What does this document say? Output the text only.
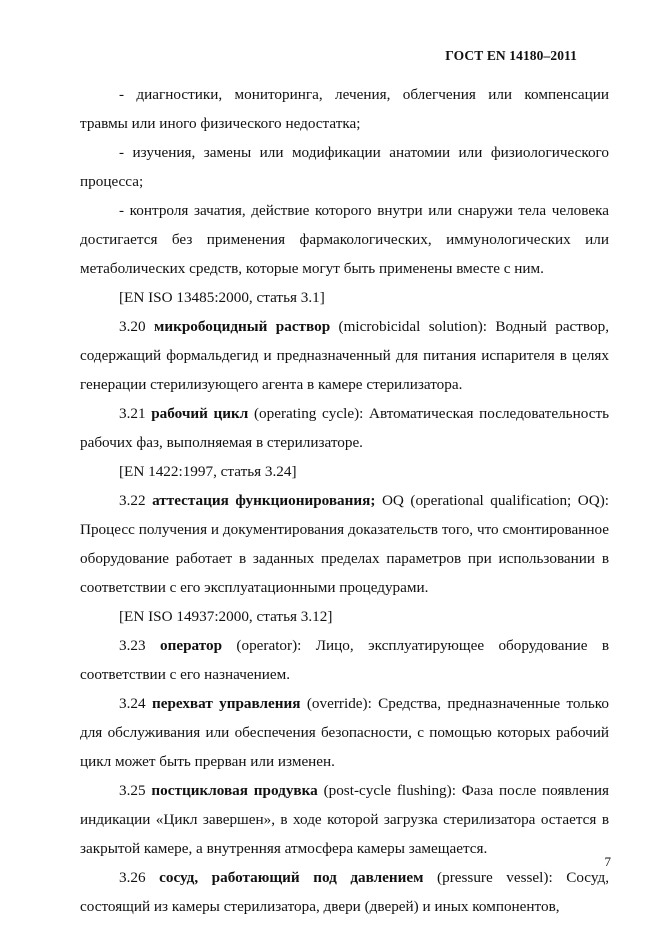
ГОСТ EN 14180–2011

- диагностики, мониторинга, лечения, облегчения или компенсации травмы или иного физического недостатка;

- изучения, замены или модификации анатомии или физиологического процесса;

- контроля зачатия, действие которого внутри или снаружи тела человека достигается без применения фармакологических, иммунологических или метаболических средств, которые могут быть применены вместе с ним.

[EN ISO 13485:2000, статья 3.1]

3.20 микробоцидный раствор (microbicidal solution): Водный раствор, содержащий формальдегид и предназначенный для питания испарителя в целях генерации стерилизующего агента в камере стерилизатора.

3.21 рабочий цикл (operating cycle): Автоматическая последовательность рабочих фаз, выполняемая в стерилизаторе.

[EN 1422:1997, статья 3.24]

3.22 аттестация функционирования; OQ (operational qualification; OQ): Процесс получения и документирования доказательств того, что смонтированное оборудование работает в заданных пределах параметров при использовании в соответствии с его эксплуатационными процедурами.

[EN ISO 14937:2000, статья 3.12]

3.23 оператор (operator): Лицо, эксплуатирующее оборудование в соответствии с его назначением.

3.24 перехват управления (override): Средства, предназначенные только для обслуживания или обеспечения безопасности, с помощью которых рабочий цикл может быть прерван или изменен.

3.25 постцикловая продувка (post-cycle flushing): Фаза после появления индикации «Цикл завершен», в ходе которой загрузка стерилизатора остается в закрытой камере, а внутренняя атмосфера камеры замещается.

3.26 сосуд, работающий под давлением (pressure vessel): Сосуд, состоящий из камеры стерилизатора, двери (дверей) и иных компонентов,

7
